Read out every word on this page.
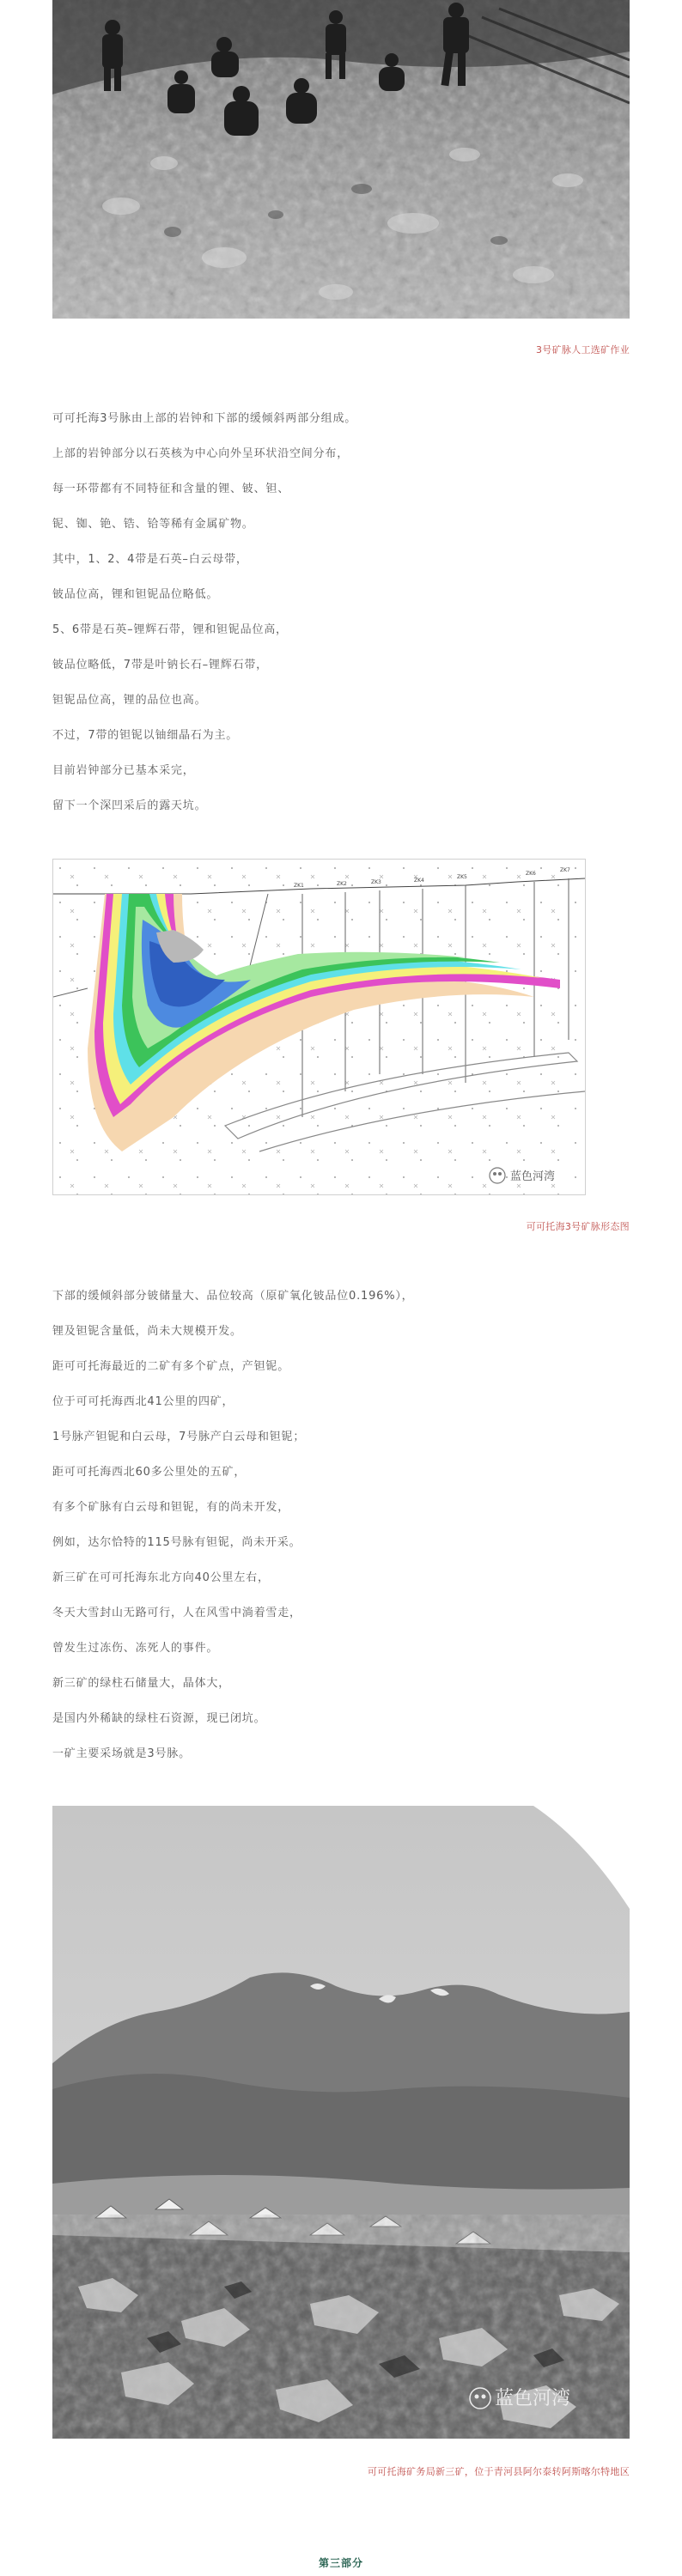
3号矿脉人工选矿作业

可可托海3号脉由上部的岩钟和下部的缓倾斜两部分组成。

上部的岩钟部分以石英核为中心向外呈环状沿空间分布，

每一环带都有不同特征和含量的锂、铍、钽、

铌、铷、铯、锆、铪等稀有金属矿物。

其中，1、2、4带是石英–白云母带，

铍品位高，锂和钽铌品位略低。

5、6带是石英–锂辉石带，锂和钽铌品位高，

铍品位略低，7带是叶钠长石–锂辉石带，

钽铌品位高，锂的品位也高。

不过，7带的钽铌以铀细晶石为主。

目前岩钟部分已基本采完，

留下一个深凹采后的露天坑。

ZK1	ZK2	ZK3	ZK4
ZK5
ZK6
ZK7
蓝色河湾
可可托海3号矿脉形态图

下部的缓倾斜部分铍储量大、品位较高（原矿氧化铍品位0.196%），

锂及钽铌含量低，尚未大规模开发。

距可可托海最近的二矿有多个矿点，产钽铌。

位于可可托海西北41公里的四矿，

1号脉产钽铌和白云母，7号脉产白云母和钽铌；

距可可托海西北60多公里处的五矿，

有多个矿脉有白云母和钽铌，有的尚未开发，

例如，达尔恰特的115号脉有钽铌，尚未开采。

新三矿在可可托海东北方向40公里左右，

冬天大雪封山无路可行，人在风雪中淌着雪走，

曾发生过冻伤、冻死人的事件。

新三矿的绿柱石储量大，晶体大，

是国内外稀缺的绿柱石资源，现已闭坑。

一矿主要采场就是3号脉。

蓝色河湾
可可托海矿务局新三矿，位于青河县阿尔泰转阿斯喀尔特地区
第三部分
